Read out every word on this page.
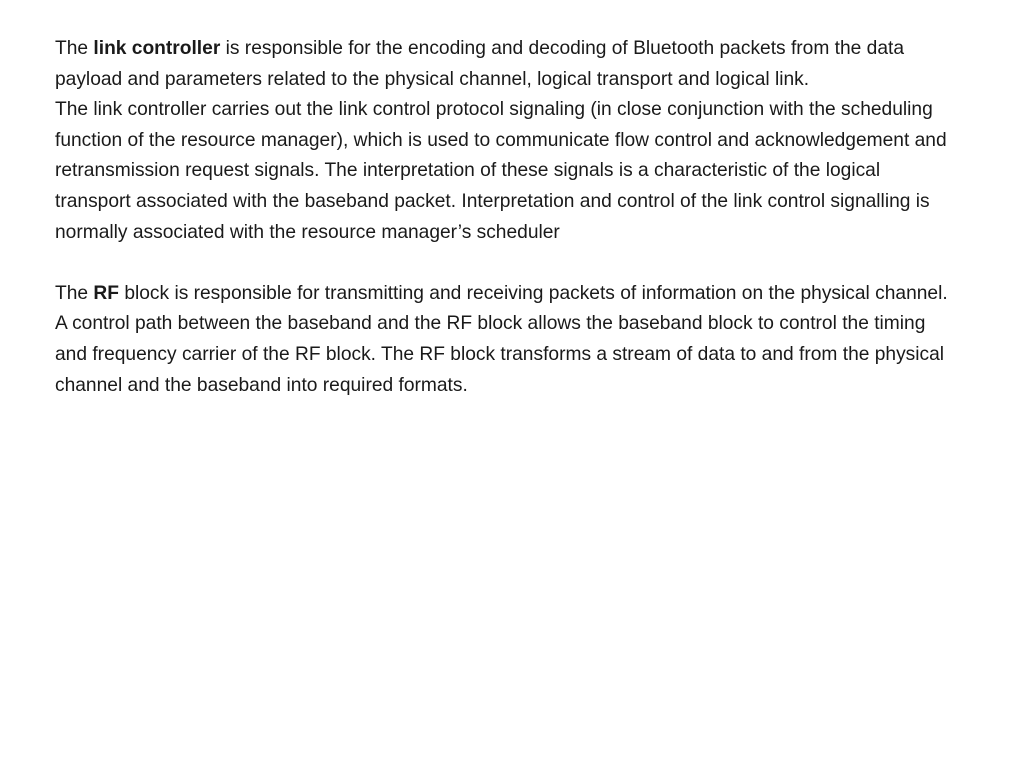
The link controller is responsible for the encoding and decoding of Bluetooth packets from the data payload and parameters related to the physical channel, logical transport and logical link.

The link controller carries out the link control protocol signaling (in close conjunction with the scheduling function of the resource manager), which is used to communicate flow control and acknowledgement and retransmission request signals. The interpretation of these signals is a characteristic of the logical transport associated with the baseband packet. Interpretation and control of the link control signalling is normally associated with the resource manager’s scheduler

The RF block is responsible for transmitting and receiving packets of information on the physical channel. A control path between the baseband and the RF block allows the baseband block to control the timing and frequency carrier of the RF block. The RF block transforms a stream of data to and from the physical channel and the baseband into required formats.
